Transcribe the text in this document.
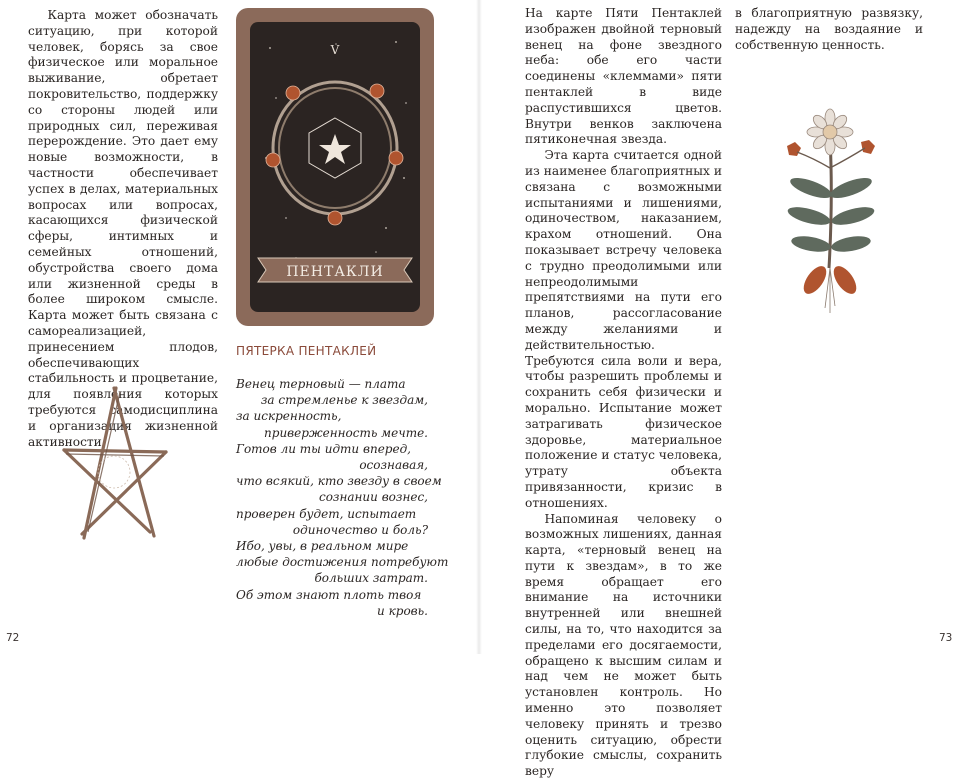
Карта может обозначать ситуацию, при которой человек, борясь за свое физическое или моральное выживание, обретает покровительство, поддержку со стороны людей или природных сил, переживая перерождение. Это дает ему новые возможности, в частности обеспечивает успех в делах, материальных вопросах или вопросах, касающихся физической сферы, интимных и семейных отношений, обустройства своего дома или жизненной среды в более широком смысле. Карта может быть связана с самореализацией, принесением плодов, обеспечивающих стабильность и процветание, для появления которых требуются самодисциплина и организация жизненной активности.

V
ПЕНТАКЛИ
ПЯТЕРКА ПЕНТАКЛЕЙ
Венец терновый — плата
за стремленье к звездам,
за искренность,
приверженность мечте.
Готов ли ты идти вперед,
осознавая,
что всякий, кто звезду в своем
сознании вознес,
проверен будет, испытает
одиночество и боль?
Ибо, увы, в реальном мире
любые достижения потребуют
больших затрат.
Об этом знают плоть твоя
и кровь.
72

На карте Пяти Пентаклей изображен двойной терновый венец на фоне звездного неба: обе его части соединены «клеммами» пяти пентаклей в виде распустившихся цветов. Внутри венков заключена пятиконечная звезда.

Эта карта считается одной из наименее благоприятных и связана с возможными испытаниями и лишениями, одиночеством, наказанием, крахом отношений. Она показывает встречу человека с трудно преодолимыми или непреодолимыми препятствиями на пути его планов, рассогласование между желаниями и действительностью. Требуются сила воли и вера, чтобы разрешить проблемы и сохранить себя физически и морально. Испытание может затрагивать физическое здоровье, материальное положение и статус человека, утрату объекта привязанности, кризис в отношениях.

Напоминая человеку о возможных лишениях, данная карта, «терновый венец на пути к звездам», в то же время обращает его внимание на источники внутренней или внешней силы, на то, что находится за пределами его досягаемости, обращено к высшим силам и над чем не может быть установлен контроль. Но именно это позволяет человеку принять и трезво оценить ситуацию, обрести глубокие смыслы, сохранить веру

в благоприятную развязку, надежду на воздаяние и собственную ценность.

73
